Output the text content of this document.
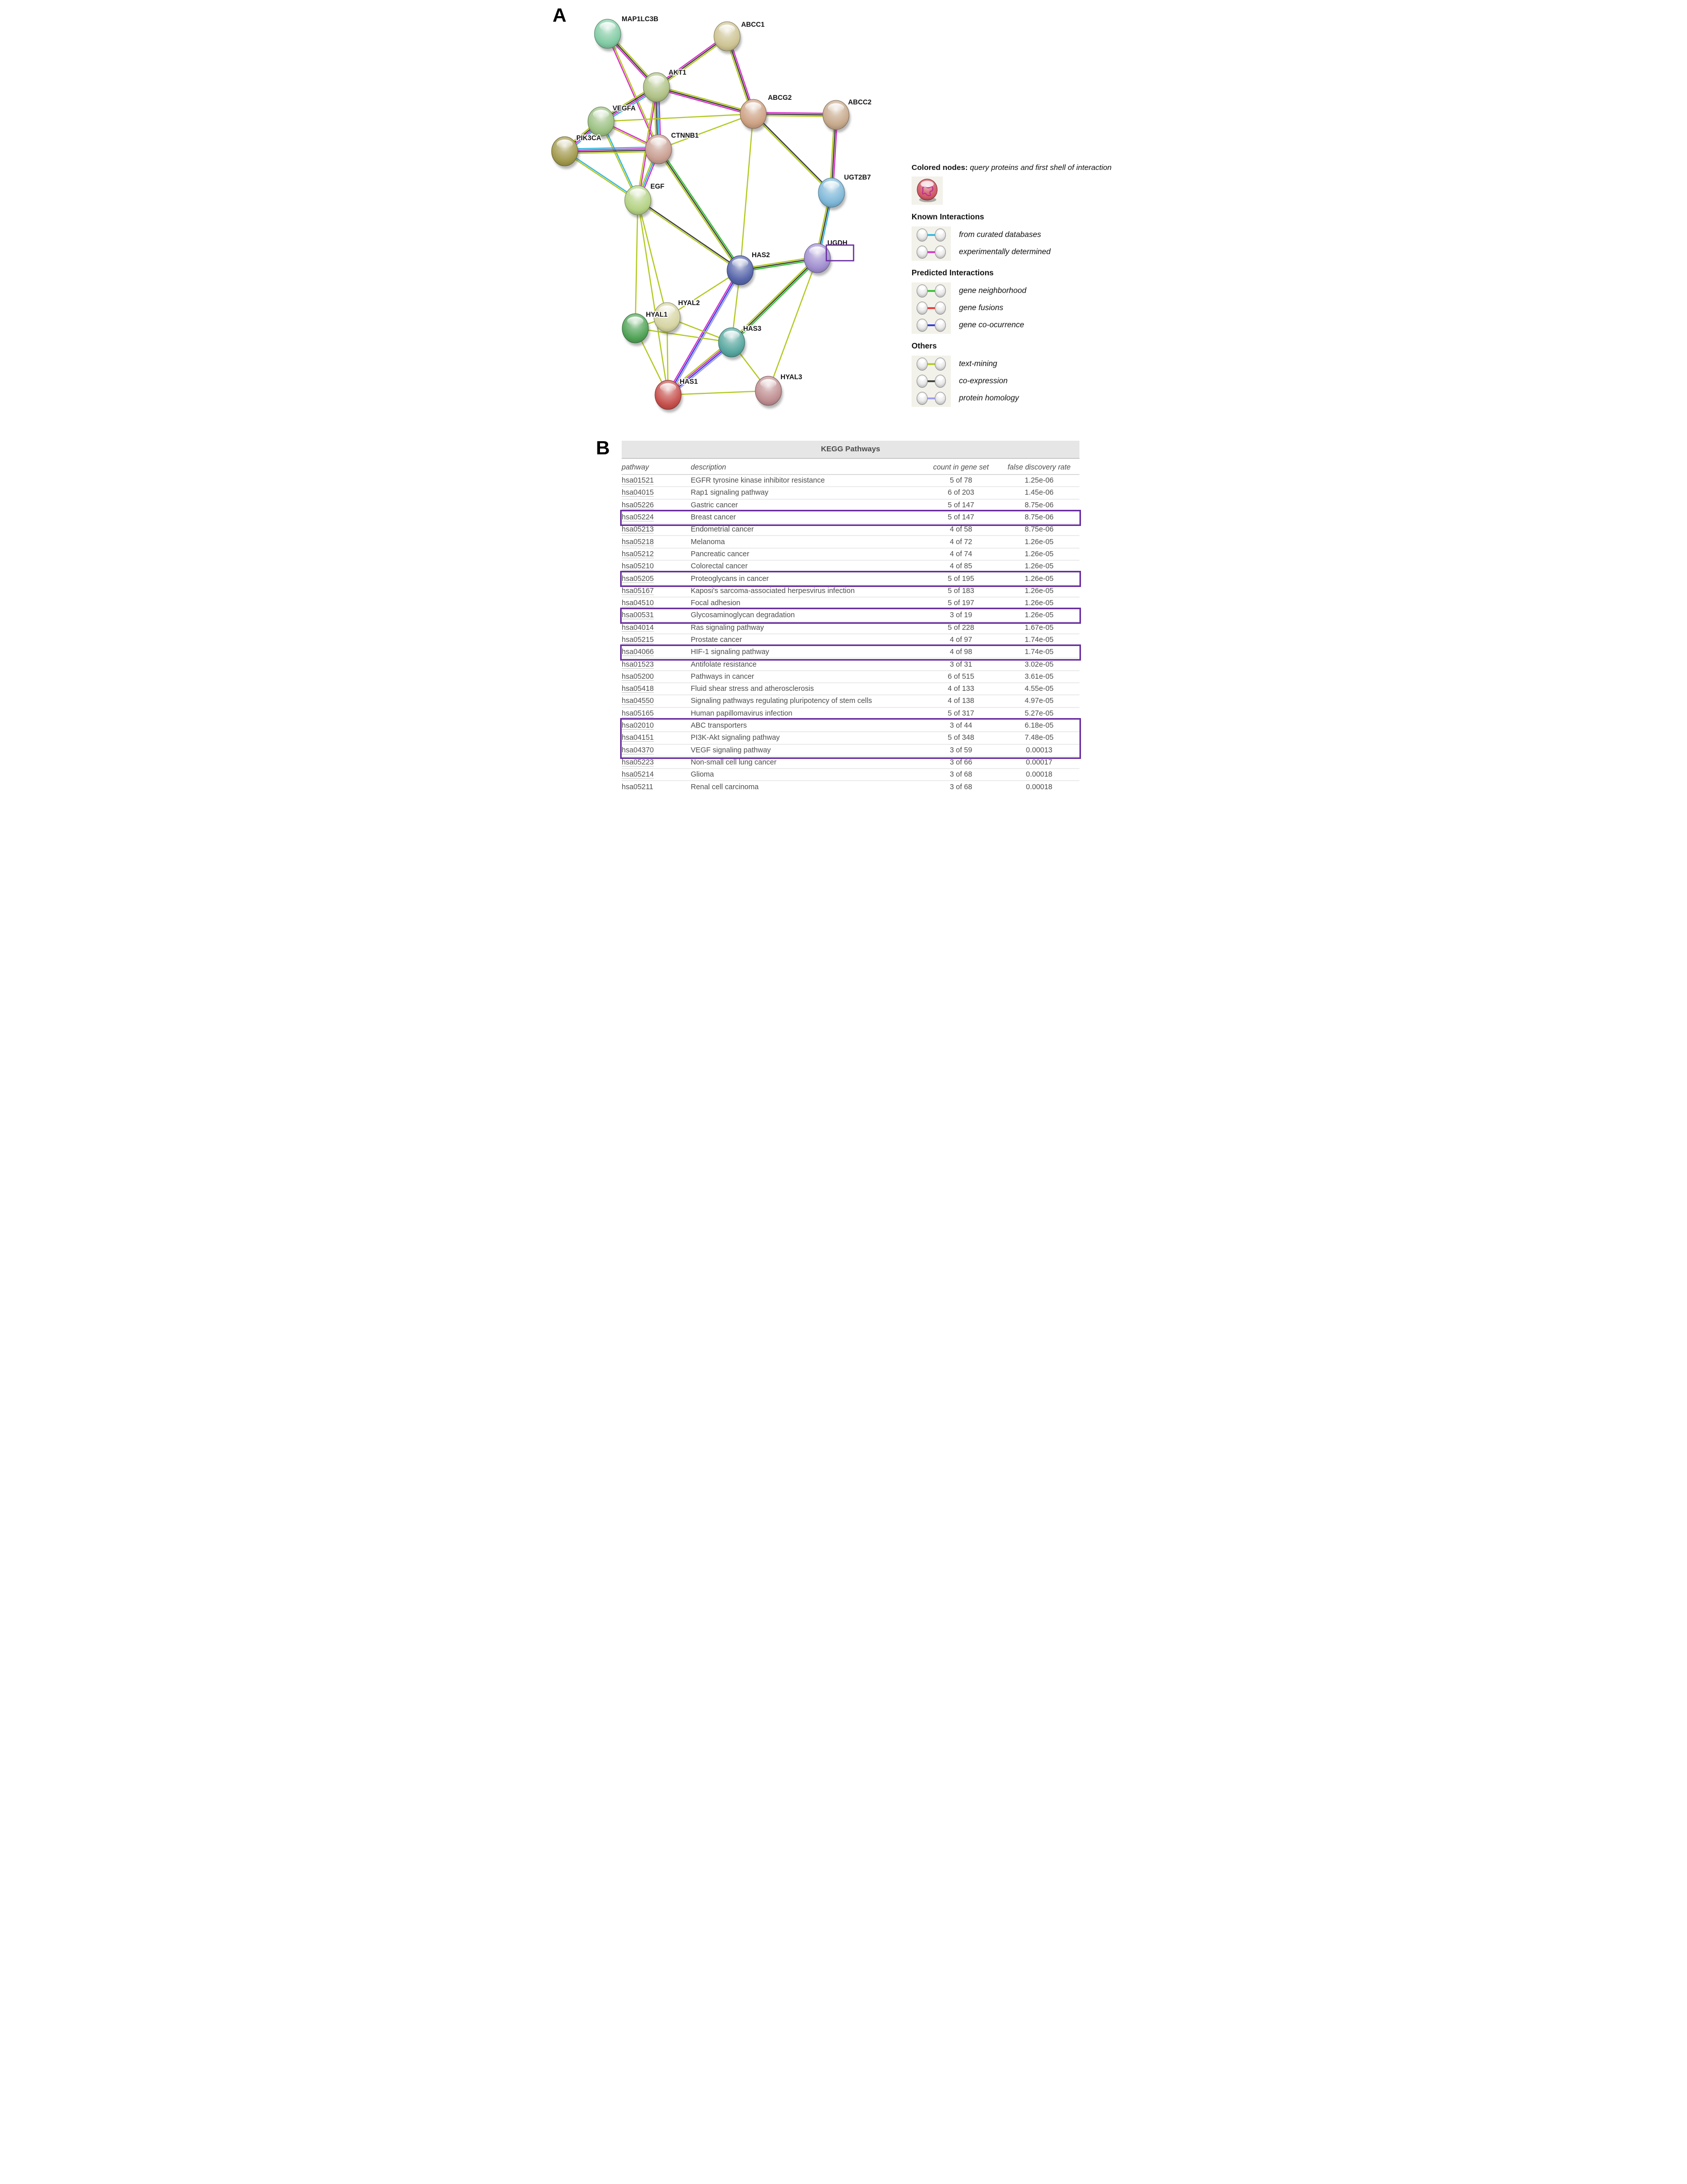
A	MAP1LC3B
ABCC1
AKT1
VEGFA
PIK3CA	CTNNB1
ABCG2
ABCC2
UGT2B7
EGF
UGDH
HAS2
HYAL2
HYAL1
HAS3
HAS1
HYAL3
Colored nodes: query proteins and first shell of interaction
Known Interactions
from curated databases
experimentally determined
Predicted Interactions
gene neighborhood
gene fusions
gene co-ocurrence
Others
text-mining
co-expression
protein homology
B	KEGG Pathways
pathway	description	count in gene set	false discovery rate
hsa01521	EGFR tyrosine kinase inhibitor resistance	5 of 78	1.25e-06
hsa04015	Rap1 signaling pathway	6 of 203	1.45e-06
hsa05226	Gastric cancer	5 of 147	8.75e-06
hsa05224	Breast cancer	5 of 147	8.75e-06
hsa05213	Endometrial cancer	4 of 58	8.75e-06
hsa05218	Melanoma	4 of 72	1.26e-05
hsa05212	Pancreatic cancer	4 of 74	1.26e-05
hsa05210	Colorectal cancer	4 of 85	1.26e-05
hsa05205	Proteoglycans in cancer	5 of 195	1.26e-05
hsa05167	Kaposi's sarcoma-associated herpesvirus infection	5 of 183	1.26e-05
hsa04510	Focal adhesion	5 of 197	1.26e-05
hsa00531	Glycosaminoglycan degradation	3 of 19	1.26e-05
hsa04014	Ras signaling pathway	5 of 228	1.67e-05
hsa05215	Prostate cancer	4 of 97	1.74e-05
hsa04066	HIF-1 signaling pathway	4 of 98	1.74e-05
hsa01523	Antifolate resistance	3 of 31	3.02e-05
hsa05200	Pathways in cancer	6 of 515	3.61e-05
hsa05418	Fluid shear stress and atherosclerosis	4 of 133	4.55e-05
hsa04550	Signaling pathways regulating pluripotency of stem cells	4 of 138	4.97e-05
hsa05165	Human papillomavirus infection	5 of 317	5.27e-05
hsa02010	ABC transporters	3 of 44	6.18e-05
hsa04151	PI3K-Akt signaling pathway	5 of 348	7.48e-05
hsa04370	VEGF signaling pathway	3 of 59	0.00013
hsa05223	Non-small cell lung cancer	3 of 66	0.00017
hsa05214	Glioma	3 of 68	0.00018
hsa05211	Renal cell carcinoma	3 of 68	0.00018
